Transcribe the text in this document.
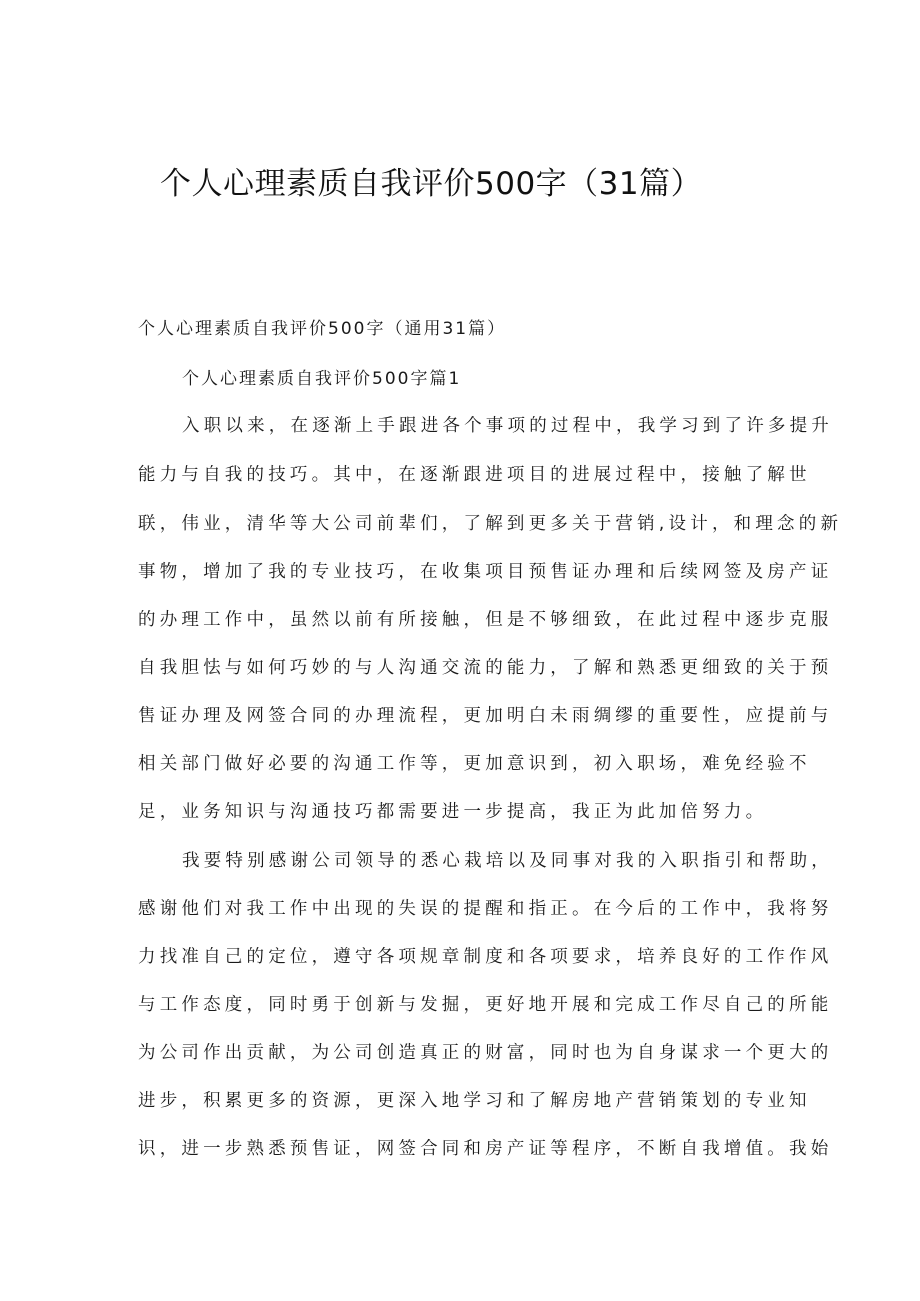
个人心理素质自我评价500字（31篇）
个人心理素质自我评价500字（通用31篇）
个人心理素质自我评价500字篇1
入职以来，在逐渐上手跟进各个事项的过程中，我学习到了许多提升
能力与自我的技巧。其中，在逐渐跟进项目的进展过程中，接触了解世
联，伟业，清华等大公司前辈们，了解到更多关于营销,设计，和理念的新
事物，增加了我的专业技巧，在收集项目预售证办理和后续网签及房产证
的办理工作中，虽然以前有所接触，但是不够细致，在此过程中逐步克服
自我胆怯与如何巧妙的与人沟通交流的能力，了解和熟悉更细致的关于预
售证办理及网签合同的办理流程，更加明白未雨绸缪的重要性，应提前与
相关部门做好必要的沟通工作等，更加意识到，初入职场，难免经验不
足，业务知识与沟通技巧都需要进一步提高，我正为此加倍努力。
我要特别感谢公司领导的悉心栽培以及同事对我的入职指引和帮助，
感谢他们对我工作中出现的失误的提醒和指正。在今后的工作中，我将努
力找准自己的定位，遵守各项规章制度和各项要求，培养良好的工作作风
与工作态度，同时勇于创新与发掘，更好地开展和完成工作尽自己的所能
为公司作出贡献，为公司创造真正的财富，同时也为自身谋求一个更大的
进步，积累更多的资源，更深入地学习和了解房地产营销策划的专业知
识，进一步熟悉预售证，网签合同和房产证等程序，不断自我增值。我始
